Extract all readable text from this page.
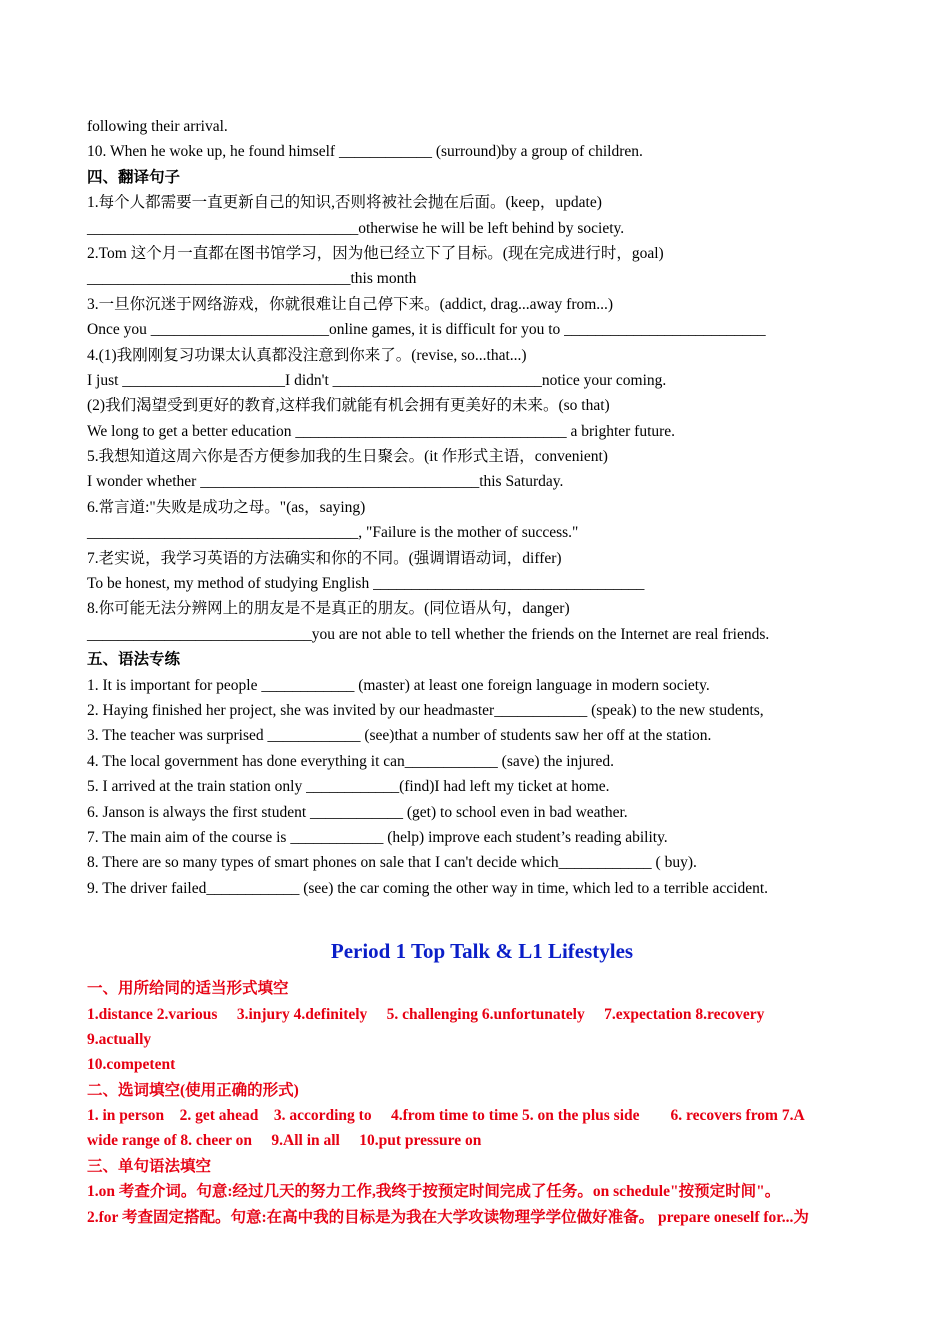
following their arrival.
10. When he woke up, he found himself ____________ (surround)by a group of children.
四、翻译句子
1.每个人都需要一直更新自己的知识,否则将被社会抛在后面。(keep，update)
___________________________________otherwise he will be left behind by society.
2.Tom 这个月一直都在图书馆学习，因为他已经立下了目标。(现在完成进行时，goal)
__________________________________this month
3.一旦你沉迷于网络游戏，你就很难让自己停下来。(addict, drag...away from...)
Once you _______________________online games, it is difficult for you to __________________________
4.(1)我刚刚复习功课太认真都没注意到你来了。(revise, so...that...)
I just _____________________I didn't ___________________________notice your coming.
(2)我们渴望受到更好的教育,这样我们就能有机会拥有更美好的未来。(so that)
We long to get a better education ___________________________________ a brighter future.
5.我想知道这周六你是否方便参加我的生日聚会。(it 作形式主语，convenient)
I wonder whether ____________________________________this Saturday.
6.常言道:"失败是成功之母。"(as，saying)
___________________________________, "Failure is the mother of success."
7.老实说，我学习英语的方法确实和你的不同。(强调谓语动词，differ)
To be honest, my method of studying English ___________________________________
8.你可能无法分辨网上的朋友是不是真正的朋友。(同位语从句，danger)
_____________________________you are not able to tell whether the friends on the Internet are real friends.
五、语法专练
1. It is important for people ____________ (master) at least one foreign language in modern society.
2. Haying finished her project, she was invited by our headmaster____________ (speak) to the new students,
3. The teacher was surprised ____________ (see)that a number of students saw her off at the station.
4. The local government has done everything it can____________ (save) the injured.
5. I arrived at the train station only ____________(find)I had left my ticket at home.
6. Janson is always the first student ____________ (get) to school even in bad weather.
7. The main aim of the course is ____________ (help) improve each student’s reading ability.
8. There are so many types of smart phones on sale that I can't decide which____________ ( buy).
9. The driver failed____________ (see) the car coming the other way in time, which led to a terrible accident.
Period 1 Top Talk & L1 Lifestyles
一、用所给同的适当形式填空
1.distance 2.various　 3.injury 4.definitely　 5. challenging 6.unfortunately　 7.expectation 8.recovery
9.actually
10.competent
二、选词填空(使用正确的形式)
1. in person　2. get ahead　3. according to　 4.from time to time 5. on the plus side　　6. recovers from 7.A
wide range of 8. cheer on　 9.All in all　 10.put pressure on
三、单句语法填空
1.on 考查介词。句意:经过几天的努力工作,我终于按预定时间完成了任务。on schedule"按预定时间"。
2.for 考查固定搭配。句意:在高中我的目标是为我在大学攻读物理学学位做好准备。 prepare oneself for...为
